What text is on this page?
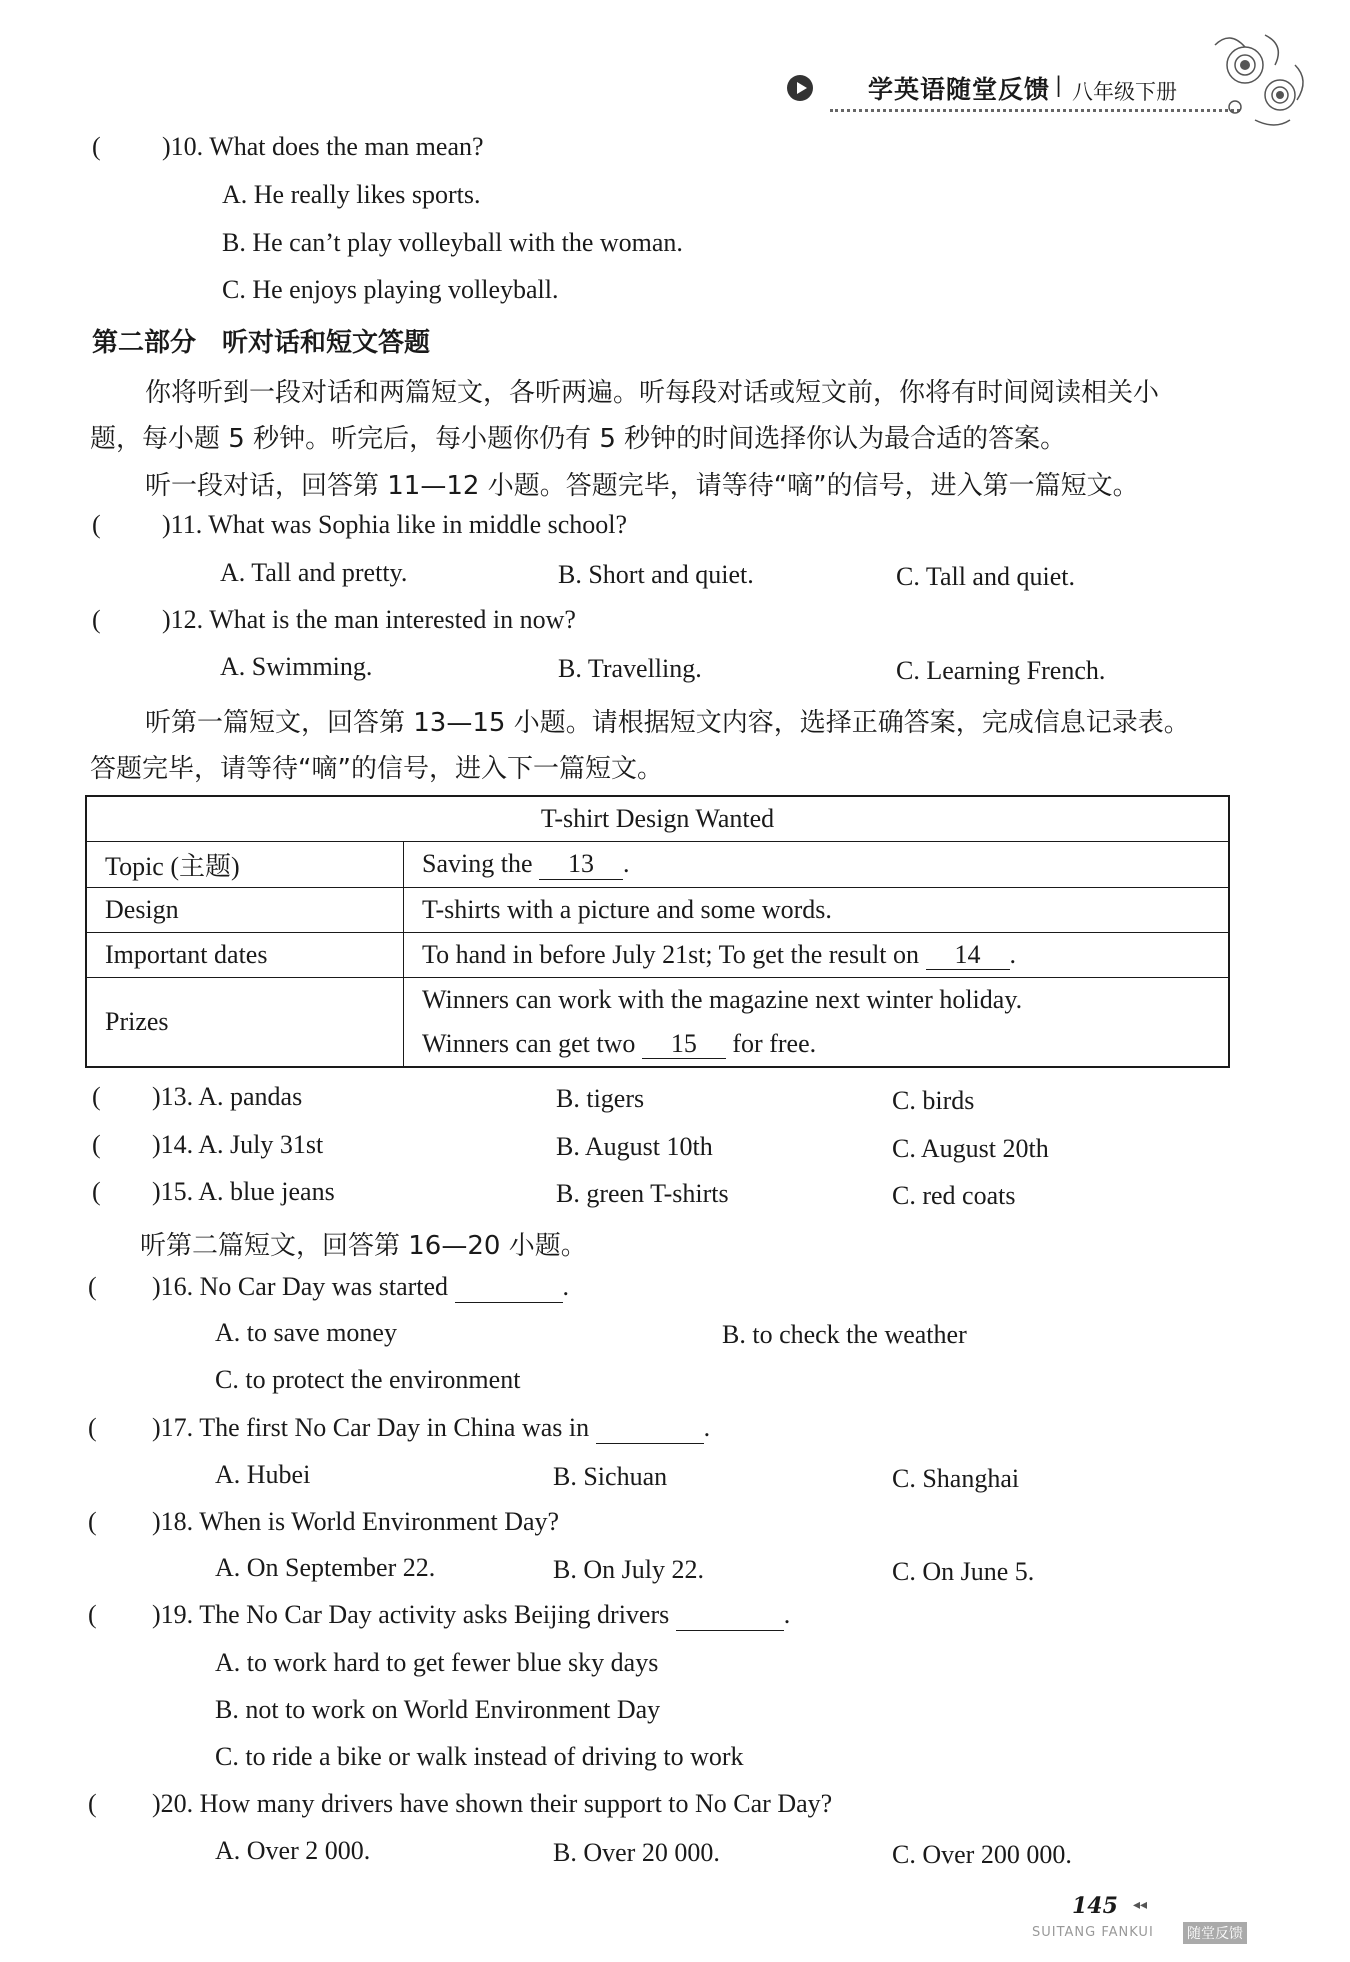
学英语随堂反馈 | 八年级下册
( )10. What does the man mean?
A. He really likes sports.
B. He can’t play volleyball with the woman.
C. He enjoys playing volleyball.
第二部分　听对话和短文答题
你将听到一段对话和两篇短文，各听两遍。听每段对话或短文前，你将有时间阅读相关小
题，每小题 5 秒钟。听完后，每小题你仍有 5 秒钟的时间选择你认为最合适的答案。
听一段对话，回答第 11—12 小题。答题完毕，请等待“嘀”的信号，进入第一篇短文。
( )11. What was Sophia like in middle school?
A. Tall and pretty.	B. Short and quiet.	C. Tall and quiet.
( )12. What is the man interested in now?
A. Swimming.	B. Travelling.	C. Learning French.
听第一篇短文，回答第 13—15 小题。请根据短文内容，选择正确答案，完成信息记录表。
答题完毕，请等待“嘀”的信号，进入下一篇短文。
T-shirt Design Wanted	
Topic (主题)	Saving the 13 .
Design	T-shirts with a picture and some words.
Important dates	To hand in before July 21st; To get the result on 14 .
Prizes	Winners can work with the magazine next winter holiday.
	Winners can get two 15 for free.
( )13. A. pandas	B. tigers	C. birds
( )14. A. July 31st	B. August 10th	C. August 20th
( )15. A. blue jeans	B. green T-shirts	C. red coats
听第二篇短文，回答第 16—20 小题。
( )16. No Car Day was started	.
A. to save money	B. to check the weather
C. to protect the environment
( )17. The first No Car Day in China was in	.
A. Hubei	B. Sichuan	C. Shanghai
( )18. When is World Environment Day?
A. On September 22.	B. On July 22.	C. On June 5.
( )19. The No Car Day activity asks Beijing drivers	.
A. to work hard to get fewer blue sky days
B. not to work on World Environment Day
C. to ride a bike or walk instead of driving to work
( )20. How many drivers have shown their support to No Car Day?
A. Over 2 000.	B. Over 20 000.	C. Over 200 000.
145 ◂◂
SUITANG FANKUI 随堂反馈
